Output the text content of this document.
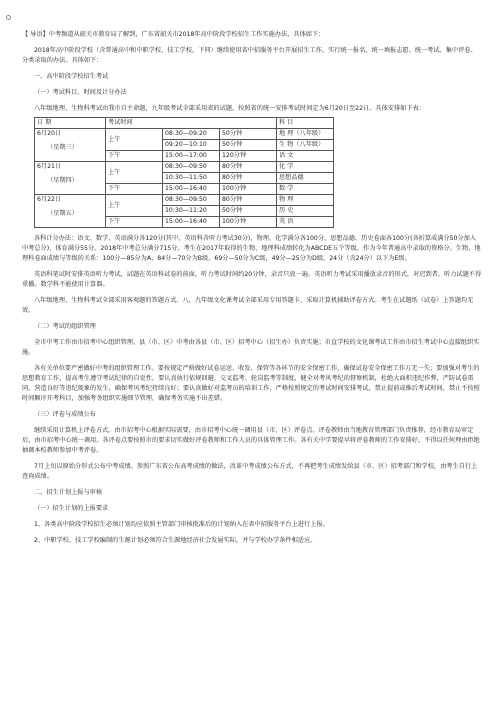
【 导语】中考频道从韶关市教育局了解到，广东省韶关市2018年高中阶段学校招生工作实施办法，具体如下：

2018年高中阶段学校（含普通高中和中职学校、技工学校，下同）继续使用省中招服务平台开展招生工作，实行统一报名、统一填报志愿、统一考试、集中评卷、分类录取的办法。具体如下：

一、高中阶段学校招生考试

（一）考试科目、时间及计分办法

八年级地理、生物科考试由我市自主命题，九年级考试全部采用省的试题，按照省的统一安排考试时间定为6月20日至22日。具体安排如下表：

日 期	考试时间			科 目

6月20日
（星期三）	上午	08:30—09:20	50分钟	地 理（八年级）
		09:20—10:10	50分钟	生 物（八年级）
	下午	15:00—17:00	120分钟	语 文

6月21日
（星期四）	上午	08:30—09:50	80分钟	化 学
		10:30—11:50	80分钟	思想品德
	下午	15:00—16:40	100分钟	数 学

6月22日
（星期五）	上午	08:30—09:50	80分钟	物 理
		10:30—11:20	50分钟	历 史
	下午	15:00—16:40	100分钟	英 语

各科计分办法：语文、数学、英语满分各120分(其中，英语科含听力考试30分)，物理、化学满分各100分，思想品德、历史卷面各100分(各折算成满分50分加入中考总分)，体育满分55分。2018年中考总分满分715分。考生在2017年取得的生物、地理科成绩转化为ABCDE五个等级，作为今年普通高中录取的资格分。生物、地理科卷面成绩与等级的关系：100分—85分为A，84分—70分为B级，69分—50分为C级，49分—25分为D级，24分（含24分）以下为E级。

英语科笔试时安排英语听力考试，试题在英语科试卷的前面，听力考试时间约20分钟，录音只放一遍。英语听力考试采用播放录音的形式，对迟到者，听力试题不得重播。数学科不能使用计算器。

八年级地理、生物科考试全部采用客观题的答题方式。八、九年级文化课考试全部采用专用答题卡，采取计算机辅助评卷方式。考生在试题纸（试卷）上答题均无效。

（二）考试的组织管理

全市中考工作由市招考中心组织管理。县（市、区）中考由各县（市、区）招考中心（招生办）负责实施；市直学校的文化课考试工作由市招生考试中心直接组织实施。

各有关单位要严密做好中考的组织管理工作。要按规定严格做好试卷运送、收发、保管等各环节的安全保密工作，确保试卷安全保密工作万无一失；要加强对考生的思想教育工作，提高考生遵守考试纪律的自觉性，要认真执行依规回避、交叉监考、轮岗监考等制度，健全对考风考纪的督察机制，杜绝大面积违纪作弊，严防试卷雷同，营造良好等违纪现象的发生，确保考风考纪持续良好；要认真做好对监考员的培训工作，严格按照规定的考试时间安排考试，禁止提前或推后考试时间，禁止不按照时间顺序开考科目，加强考务组织实施细节管理，确保考务实施不出差错。

（三）评卷与成绩公布

继续采用计算机上评卷方式。由市招考中心根据实际需要，由市招考中心统一调用县（市、区）评卷点。评卷教师由当地教育管理部门负责推荐，经市教育局审定后，由市招考中心统一调用。各评卷点要按照市的要求切实做好评卷教师和工作人员的具体管理工作。各有关中学要提早将评卷教师的工作安排好，不得以任何理由拒绝抽调本校教师参加中考评卷。

7月上旬以原始分形式公布中考成绩。参照广东省公布高考成绩的做法，改革中考成绩公布方式，不再把考生成绩发给县（市、区）招考部门和学校，由考生自行上查询成绩。

二、招生计划上报与审核

（一）招生计划的上报要求

1、各类高中阶段学校招生必须计划均应依照主管部门审核批准后的计划纳入在省中招服务平台上进行上报。

2、中职学校、技工学校编制的生源计划必须符合生源地经济社会发展实际，并与学校办学条件相适应。
